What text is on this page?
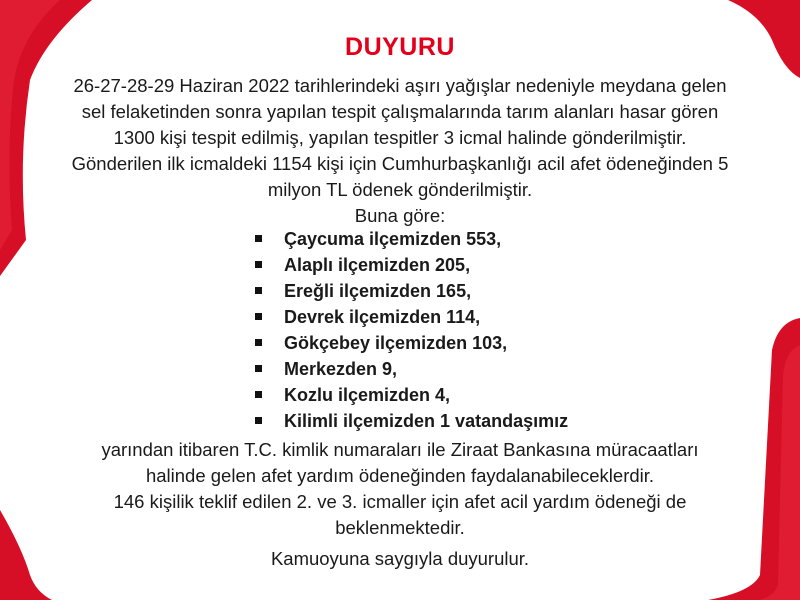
DUYURU
26-27-28-29 Haziran 2022 tarihlerindeki aşırı yağışlar nedeniyle meydana gelen
sel felaketinden sonra yapılan tespit çalışmalarında tarım alanları hasar gören
1300 kişi tespit edilmiş, yapılan tespitler 3 icmal halinde gönderilmiştir.
Gönderilen ilk icmaldeki 1154 kişi için Cumhurbaşkanlığı acil afet ödeneğinden 5
milyon TL ödenek gönderilmiştir.
Buna göre:
Çaycuma ilçemizden 553,
Alaplı ilçemizden 205,
Ereğli ilçemizden 165,
Devrek ilçemizden 114,
Gökçebey ilçemizden 103,
Merkezden 9,
Kozlu ilçemizden 4,
Kilimli ilçemizden 1 vatandaşımız
yarından itibaren T.C. kimlik numaraları ile Ziraat Bankasına müracaatları
halinde gelen afet yardım ödeneğinden faydalanabileceklerdir.
146 kişilik teklif edilen 2. ve 3. icmaller için afet acil yardım ödeneği de
beklenmektedir.
Kamuoyuna saygıyla duyurulur.
